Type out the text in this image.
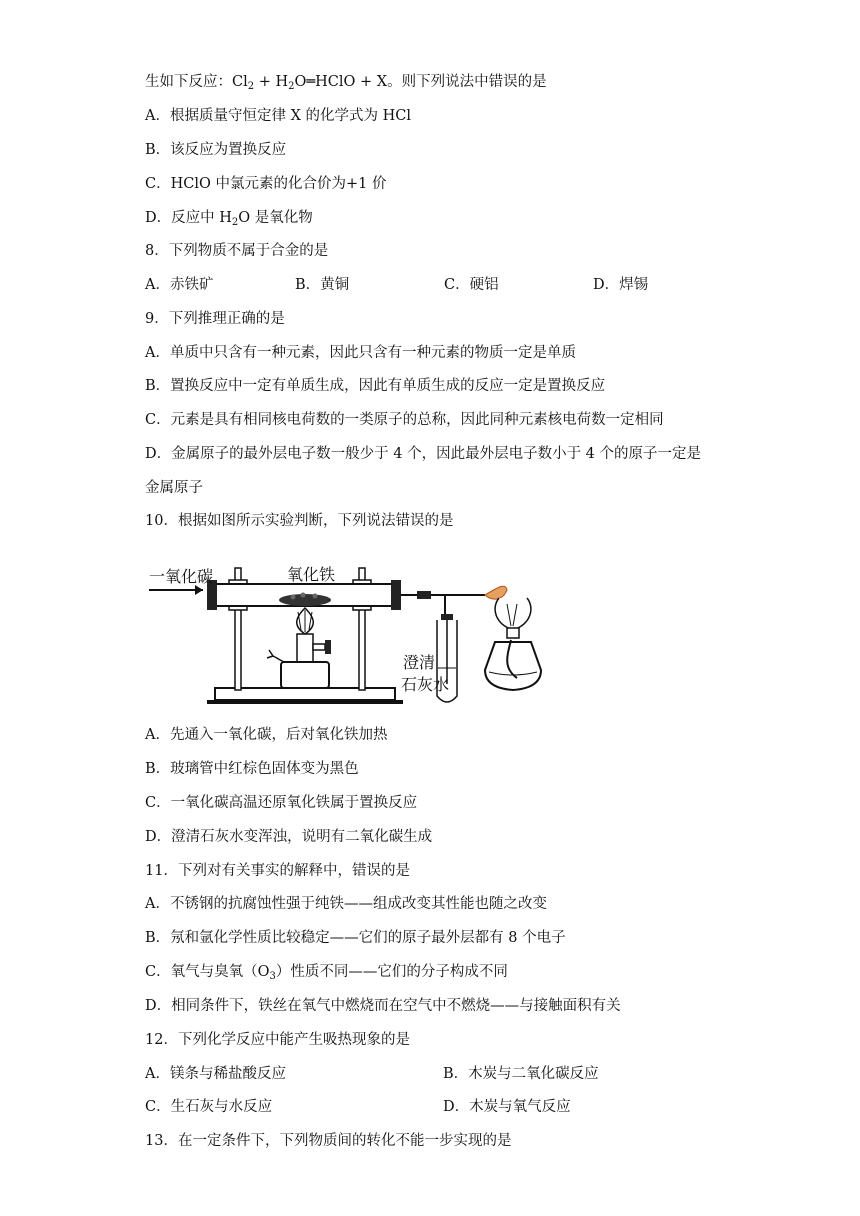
生如下反应：$Cl_2$ + $H_2O═HClO + X$。则下列说法中错误的是
A．根据质量守恒定律 X 的化学式为 HCl
B．该反应为置换反应
C．HClO 中氯元素的化合价为+1 价
D．反应中 $H_2O$ 是氧化物
8．下列物质不属于合金的是
A．赤铁矿	B．黄铜	C．硬铝	D．焊锡
9．下列推理正确的是
A．单质中只含有一种元素，因此只含有一种元素的物质一定是单质
B．置换反应中一定有单质生成，因此有单质生成的反应一定是置换反应
C．元素是具有相同核电荷数的一类原子的总称，因此同种元素核电荷数一定相同
D．金属原子的最外层电子数一般少于 4 个，因此最外层电子数小于 4 个的原子一定是
金属原子
10．根据如图所示实验判断，下列说法错误的是
一氧化碳	氧化铁
澄清
石灰水
A．先通入一氧化碳，后对氧化铁加热
B．玻璃管中红棕色固体变为黑色
C．一氧化碳高温还原氧化铁属于置换反应
D．澄清石灰水变浑浊，说明有二氧化碳生成
11．下列对有关事实的解释中，错误的是
A．不锈钢的抗腐蚀性强于纯铁——组成改变其性能也随之改变
B．氖和氩化学性质比较稳定——它们的原子最外层都有 8 个电子
C．氧气与臭氧$(O_3)$性质不同——它们的分子构成不同
D．相同条件下，铁丝在氧气中燃烧而在空气中不燃烧——与接触面积有关
12．下列化学反应中能产生吸热现象的是
A．镁条与稀盐酸反应	B．木炭与二氧化碳反应
C．生石灰与水反应	D．木炭与氧气反应
13．在一定条件下，下列物质间的转化不能一步实现的是
